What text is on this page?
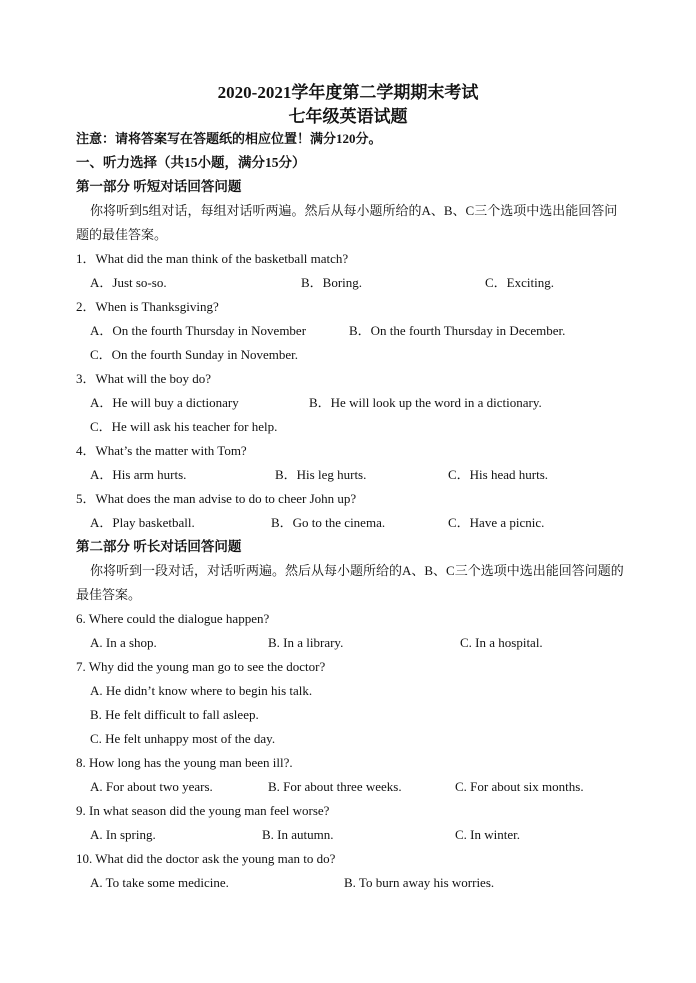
2020-2021学年度第二学期期末考试
七年级英语试题
注意：请将答案写在答题纸的相应位置！满分120分。
一、听力选择（共15小题，满分15分）
第一部分 听短对话回答问题
你将听到5组对话，每组对话听两遍。然后从每小题所给的A、B、C三个选项中选出能回答问题的最佳答案。
1．What did the man think of the basketball match?
A．Just so-so.	B．Boring.	C．Exciting.
2．When is Thanksgiving?
A．On the fourth Thursday in November	B．On the fourth Thursday in December.
C．On the fourth Sunday in November.
3．What will the boy do?
A．He will buy a dictionary	B．He will look up the word in a dictionary.
C．He will ask his teacher for help.
4．What’s the matter with Tom?
A．His arm hurts.	B．His leg hurts.	C．His head hurts.
5．What does the man advise to do to cheer John up?
A．Play basketball.	B．Go to the cinema.	C．Have a picnic.
第二部分 听长对话回答问题
你将听到一段对话，对话听两遍。然后从每小题所给的A、B、C三个选项中选出能回答问题的最佳答案。
6. Where could the dialogue happen?
A. In a shop.	B. In a library.	C. In a hospital.
7. Why did the young man go to see the doctor?
A. He didn’t know where to begin his talk.
B. He felt difficult to fall asleep.
C. He felt unhappy most of the day.
8. How long has the young man been ill?.
A. For about two years.	B. For about three weeks.	C. For about six months.
9. In what season did the young man feel worse?
A. In spring.	B. In autumn.	C. In winter.
10. What did the doctor ask the young man to do?
A. To take some medicine.	B. To burn away his worries.
